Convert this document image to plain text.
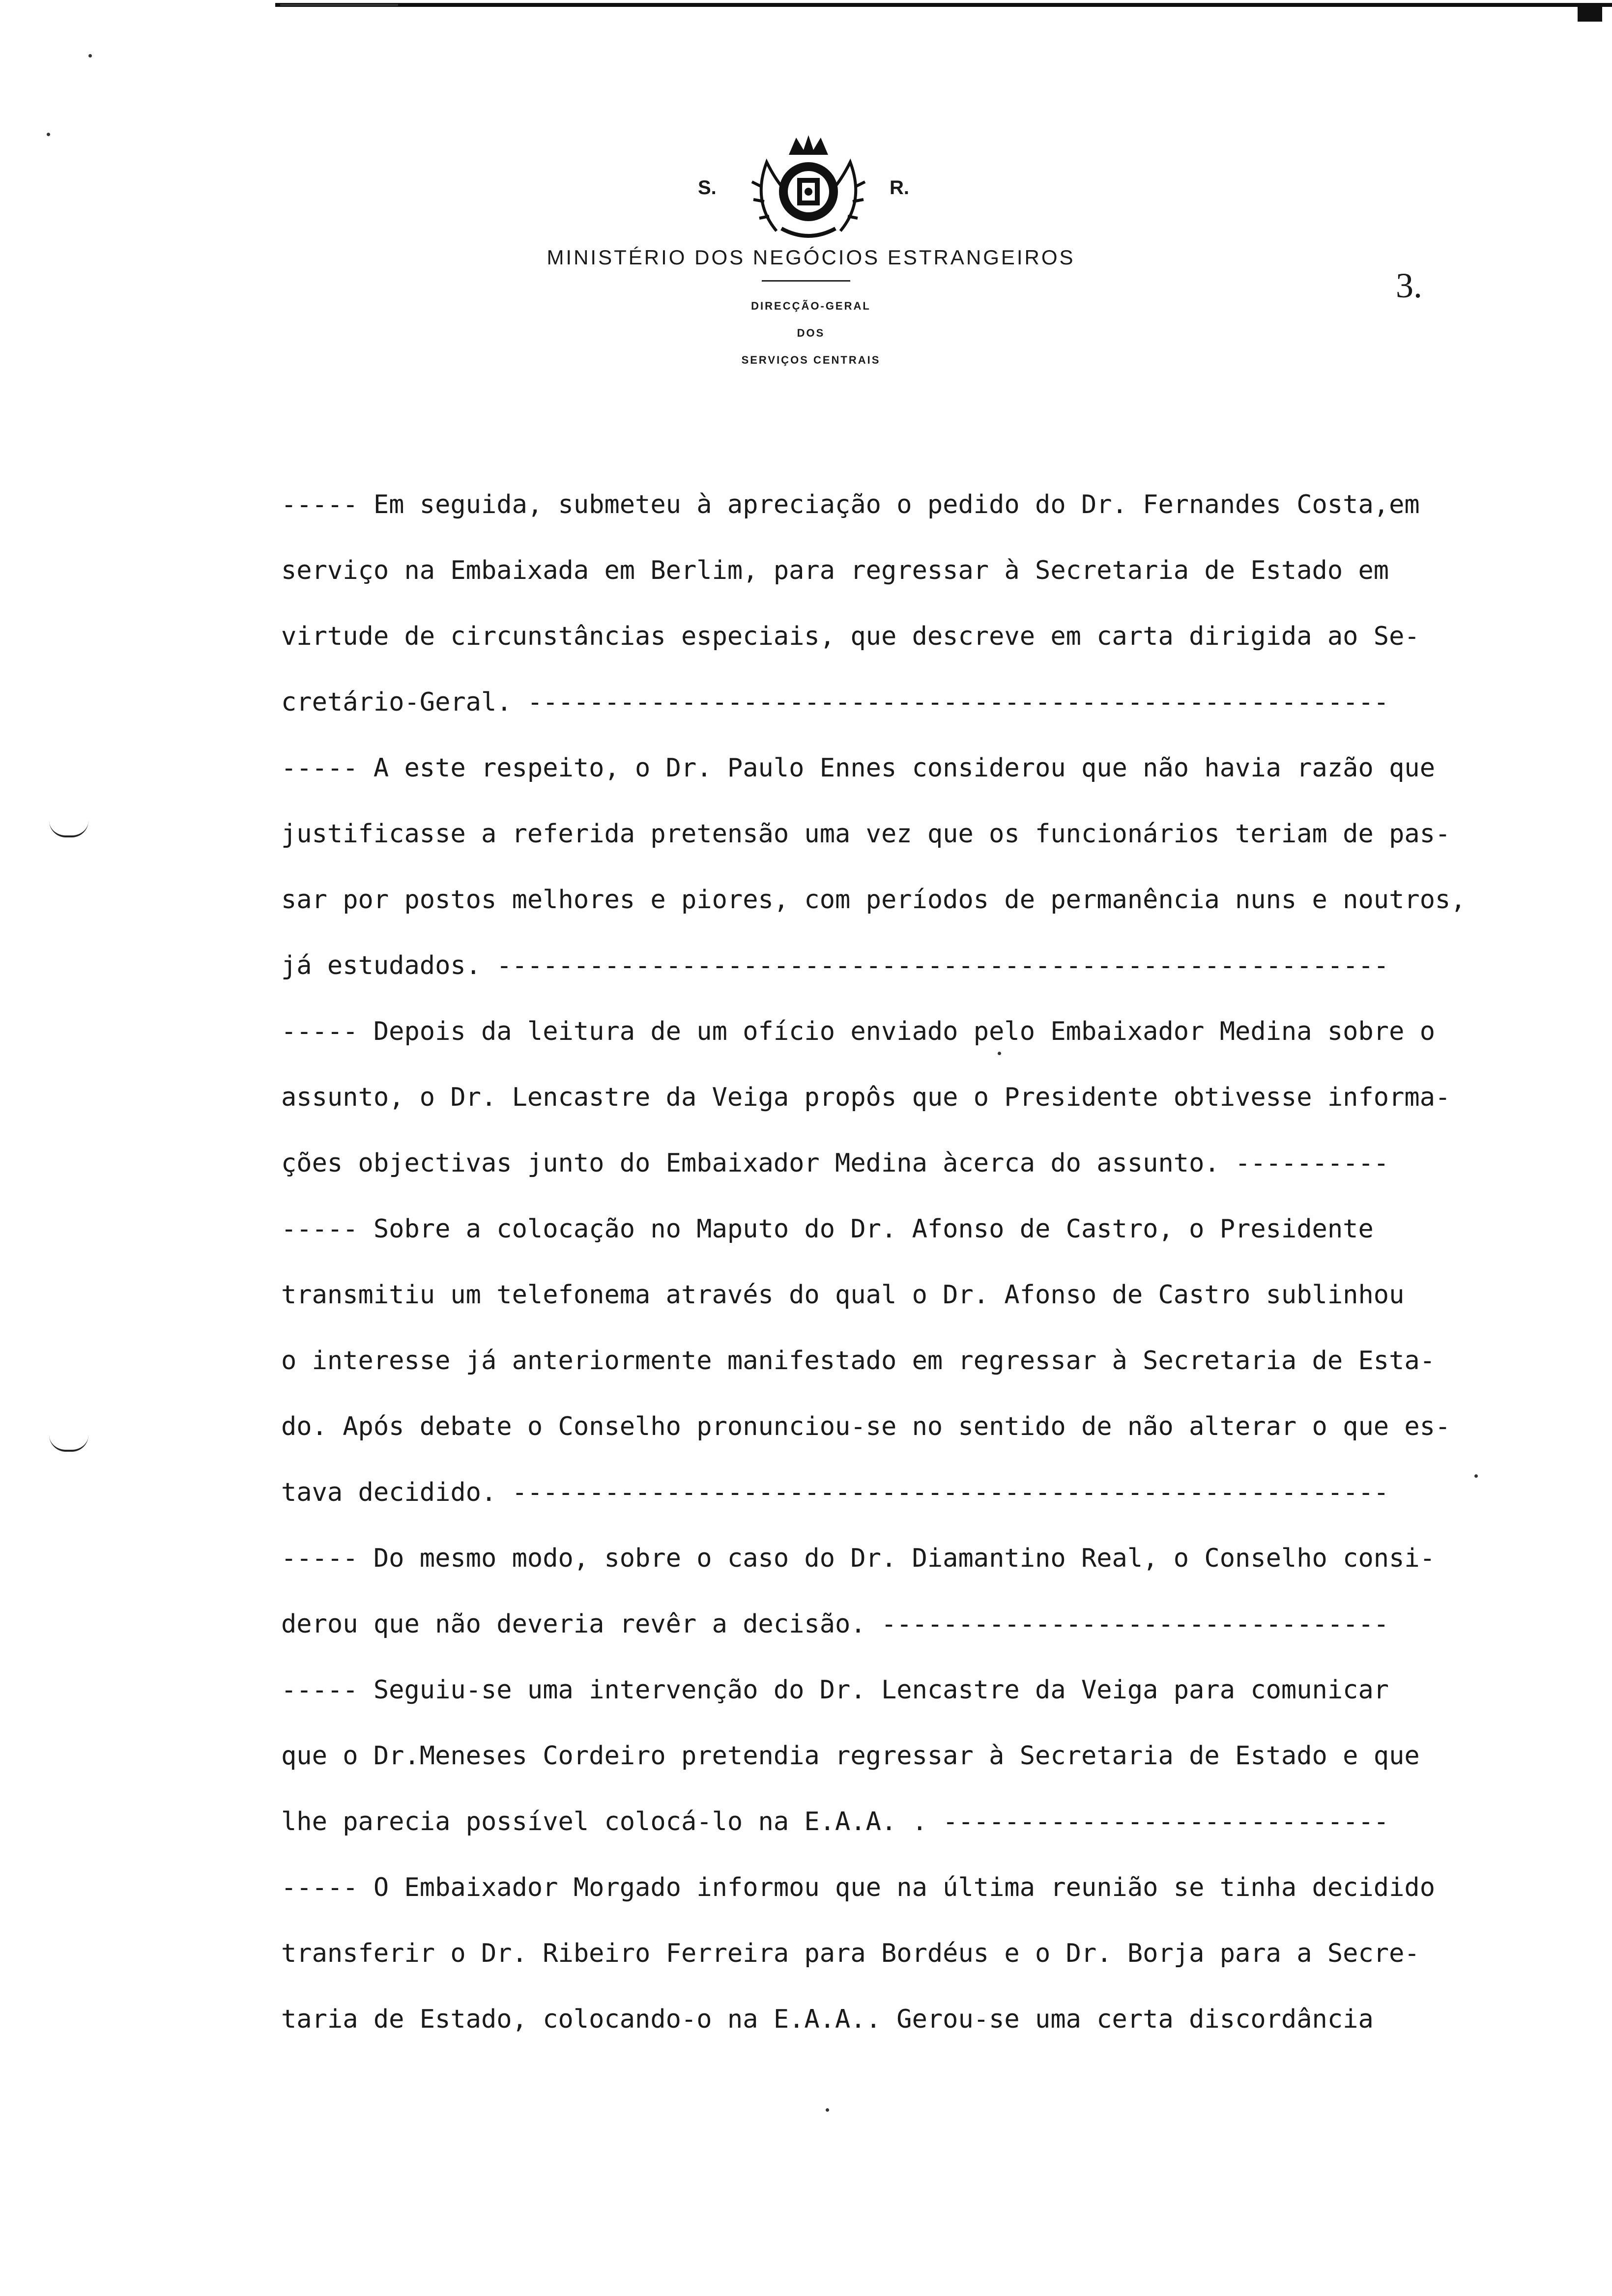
S.	R.
MINISTÉRIO DOS NEGÓCIOS ESTRANGEIROS
DIRECÇÃO-GERAL
DOS
SERVIÇOS CENTRAIS
3.
----- Em seguida, submeteu à apreciação o pedido do Dr. Fernandes Costa,em
serviço na Embaixada em Berlim, para regressar à Secretaria de Estado em
virtude de circunstâncias especiais, que descreve em carta dirigida ao Se-
cretário-Geral. --------------------------------------------------------
----- A este respeito, o Dr. Paulo Ennes considerou que não havia razão que
justificasse a referida pretensão uma vez que os funcionários teriam de pas-
sar por postos melhores e piores, com períodos de permanência nuns e noutros,
já estudados. ----------------------------------------------------------
----- Depois da leitura de um ofício enviado pelo Embaixador Medina sobre o
assunto, o Dr. Lencastre da Veiga propôs que o Presidente obtivesse informa-
ções objectivas junto do Embaixador Medina àcerca do assunto. ----------
----- Sobre a colocação no Maputo do Dr. Afonso de Castro, o Presidente
transmitiu um telefonema através do qual o Dr. Afonso de Castro sublinhou
o interesse já anteriormente manifestado em regressar à Secretaria de Esta-
do. Após debate o Conselho pronunciou-se no sentido de não alterar o que es-
tava decidido. ---------------------------------------------------------
----- Do mesmo modo, sobre o caso do Dr. Diamantino Real, o Conselho consi-
derou que não deveria revêr a decisão. ---------------------------------
----- Seguiu-se uma intervenção do Dr. Lencastre da Veiga para comunicar
que o Dr.Meneses Cordeiro pretendia regressar à Secretaria de Estado e que
lhe parecia possível colocá-lo na E.A.A. . -----------------------------
----- O Embaixador Morgado informou que na última reunião se tinha decidido
transferir o Dr. Ribeiro Ferreira para Bordéus e o Dr. Borja para a Secre-
taria de Estado, colocando-o na E.A.A.. Gerou-se uma certa discordância
